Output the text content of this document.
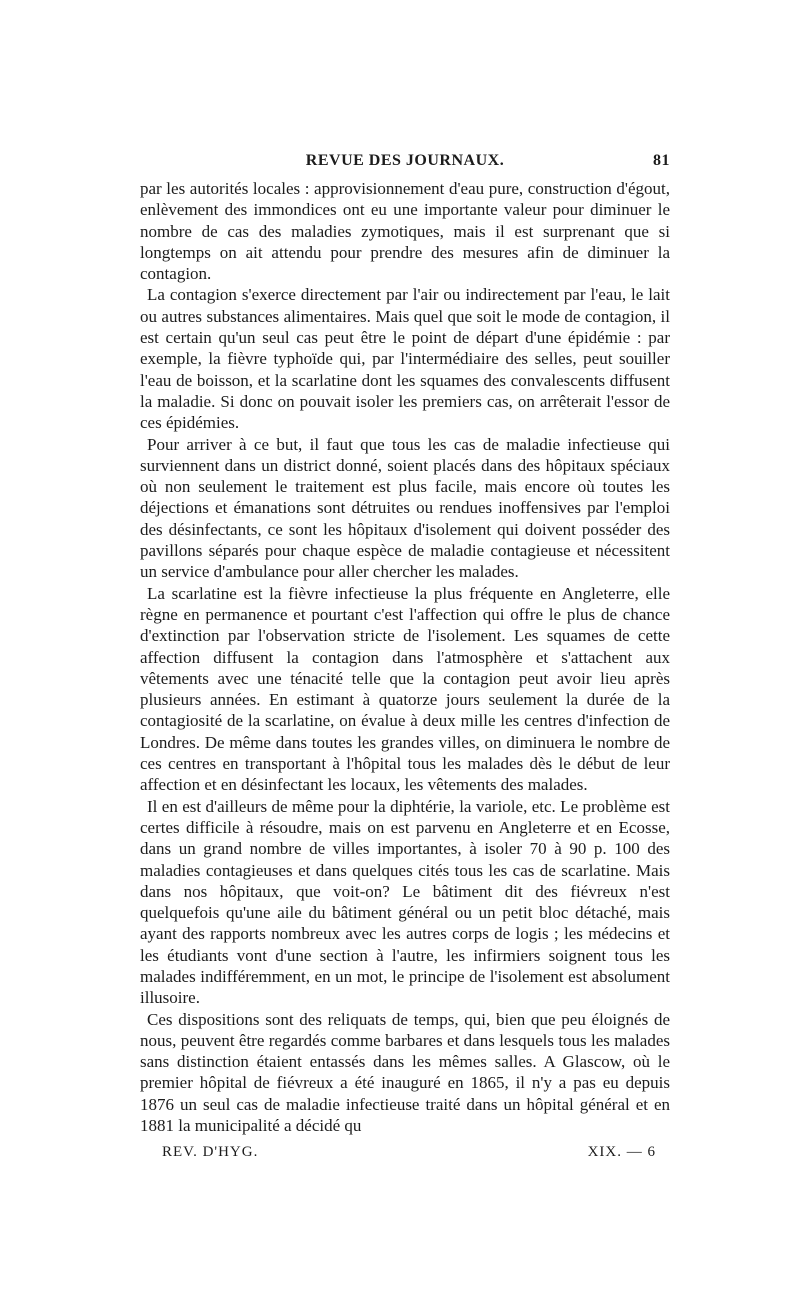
REVUE DES JOURNAUX.	81

par les autorités locales : approvisionnement d'eau pure, construction d'égout, enlèvement des immondices ont eu une importante valeur pour diminuer le nombre de cas des maladies zymotiques, mais il est surprenant que si longtemps on ait attendu pour prendre des mesures afin de diminuer la contagion.

La contagion s'exerce directement par l'air ou indirectement par l'eau, le lait ou autres substances alimentaires. Mais quel que soit le mode de contagion, il est certain qu'un seul cas peut être le point de départ d'une épidémie : par exemple, la fièvre typhoïde qui, par l'intermédiaire des selles, peut souiller l'eau de boisson, et la scarlatine dont les squames des convalescents diffusent la maladie. Si donc on pouvait isoler les premiers cas, on arrêterait l'essor de ces épidémies.

Pour arriver à ce but, il faut que tous les cas de maladie infectieuse qui surviennent dans un district donné, soient placés dans des hôpitaux spéciaux où non seulement le traitement est plus facile, mais encore où toutes les déjections et émanations sont détruites ou rendues inoffensives par l'emploi des désinfectants, ce sont les hôpitaux d'isolement qui doivent posséder des pavillons séparés pour chaque espèce de maladie contagieuse et nécessitent un service d'ambulance pour aller chercher les malades.

La scarlatine est la fièvre infectieuse la plus fréquente en Angleterre, elle règne en permanence et pourtant c'est l'affection qui offre le plus de chance d'extinction par l'observation stricte de l'isolement. Les squames de cette affection diffusent la contagion dans l'atmosphère et s'attachent aux vêtements avec une ténacité telle que la contagion peut avoir lieu après plusieurs années. En estimant à quatorze jours seulement la durée de la contagiosité de la scarlatine, on évalue à deux mille les centres d'infection de Londres. De même dans toutes les grandes villes, on diminuera le nombre de ces centres en transportant à l'hôpital tous les malades dès le début de leur affection et en désinfectant les locaux, les vêtements des malades.

Il en est d'ailleurs de même pour la diphtérie, la variole, etc. Le problème est certes difficile à résoudre, mais on est parvenu en Angleterre et en Ecosse, dans un grand nombre de villes importantes, à isoler 70 à 90 p. 100 des maladies contagieuses et dans quelques cités tous les cas de scarlatine. Mais dans nos hôpitaux, que voit-on? Le bâtiment dit des fiévreux n'est quelquefois qu'une aile du bâtiment général ou un petit bloc détaché, mais ayant des rapports nombreux avec les autres corps de logis ; les médecins et les étudiants vont d'une section à l'autre, les infirmiers soignent tous les malades indifféremment, en un mot, le principe de l'isolement est absolument illusoire.

Ces dispositions sont des reliquats de temps, qui, bien que peu éloignés de nous, peuvent être regardés comme barbares et dans lesquels tous les malades sans distinction étaient entassés dans les mêmes salles. A Glascow, où le premier hôpital de fiévreux a été inauguré en 1865, il n'y a pas eu depuis 1876 un seul cas de maladie infectieuse traité dans un hôpital général et en 1881 la municipalité a décidé qu

REV. D'HYG.	XIX. — 6
